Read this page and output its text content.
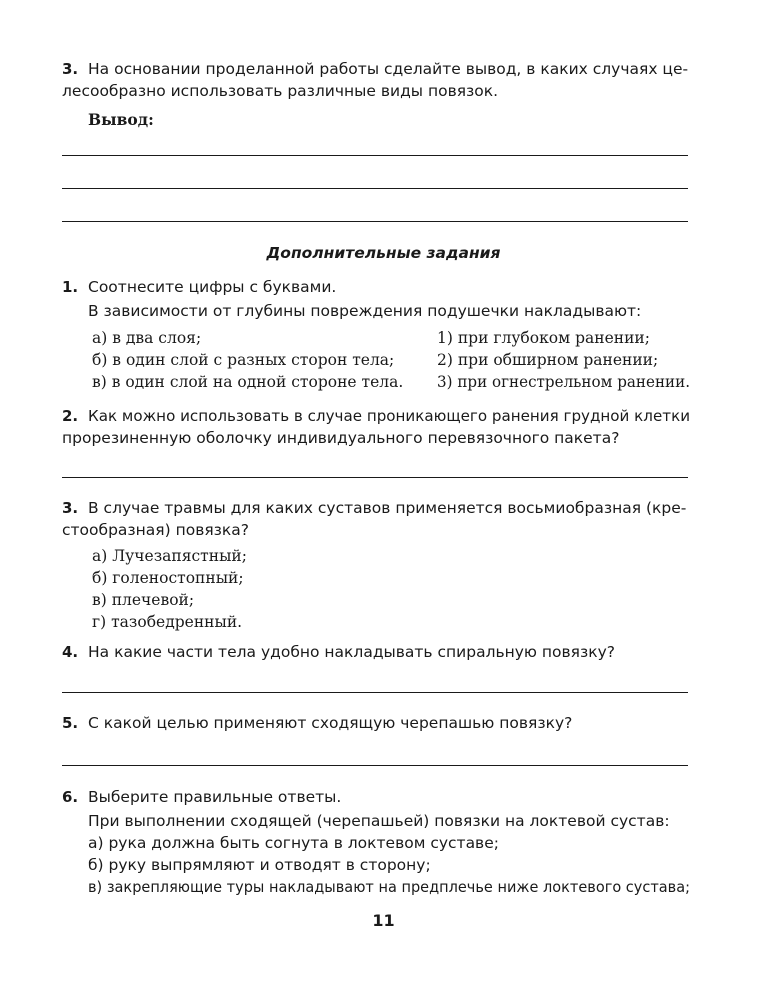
3. На основании проделанной работы сделайте вывод, в каких случаях це-
лесообразно использовать различные виды повязок.
Вывод:
Дополнительные задания
1. Соотнесите цифры с буквами.
В зависимости от глубины повреждения подушечки накладывают:
а) в два слоя;
б) в один слой с разных сторон тела;
в) в один слой на одной стороне тела.
1) при глубоком ранении;
2) при обширном ранении;
3) при огнестрельном ранении.
2. Как можно использовать в случае проникающего ранения грудной клетки
прорезиненную оболочку индивидуального перевязочного пакета?
3. В случае травмы для каких суставов применяется восьмиобразная (кре-
стообразная) повязка?
а) Лучезапястный;
б) голеностопный;
в) плечевой;
г) тазобедренный.
4. На какие части тела удобно накладывать спиральную повязку?
5. С какой целью применяют сходящую черепашью повязку?
6. Выберите правильные ответы.
При выполнении сходящей (черепашьей) повязки на локтевой сустав:
а) рука должна быть согнута в локтевом суставе;
б) руку выпрямляют и отводят в сторону;
в) закрепляющие туры накладывают на предплечье ниже локтевого сустава;
11
